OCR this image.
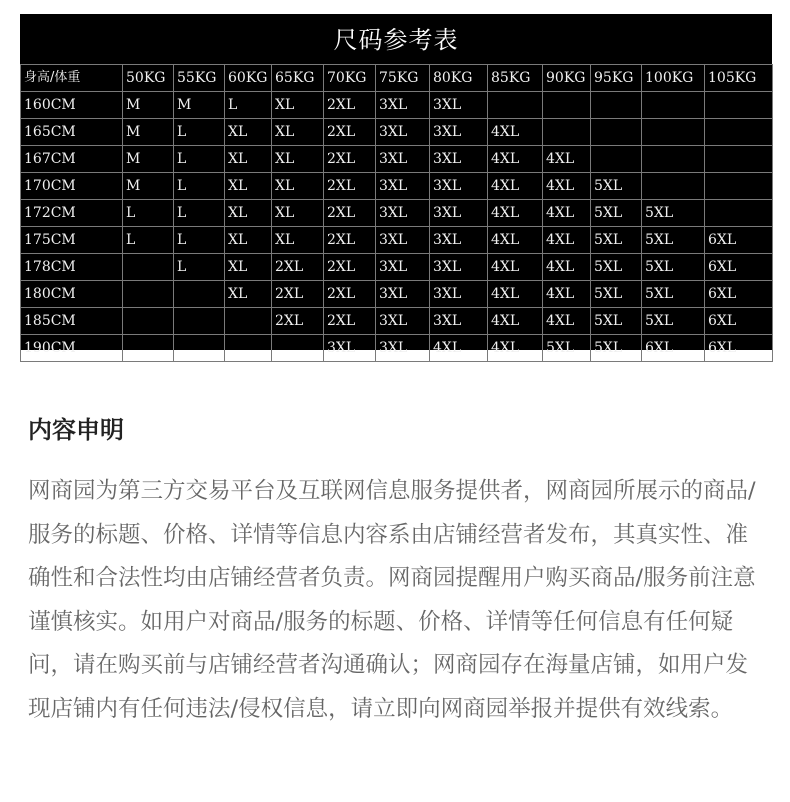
尺码参考表
身高/体重	50KG	55KG	60KG	65KG	70KG	75KG	80KG	85KG	90KG	95KG	100KG	105KG
160CM	M	M	L	XL	2XL	3XL	3XL					
165CM	M	L	XL	XL	2XL	3XL	3XL	4XL				
167CM	M	L	XL	XL	2XL	3XL	3XL	4XL	4XL			
170CM	M	L	XL	XL	2XL	3XL	3XL	4XL	4XL	5XL		
172CM	L	L	XL	XL	2XL	3XL	3XL	4XL	4XL	5XL	5XL	
175CM	L	L	XL	XL	2XL	3XL	3XL	4XL	4XL	5XL	5XL	6XL
178CM		L	XL	2XL	2XL	3XL	3XL	4XL	4XL	5XL	5XL	6XL
180CM			XL	2XL	2XL	3XL	3XL	4XL	4XL	5XL	5XL	6XL
185CM				2XL	2XL	3XL	3XL	4XL	4XL	5XL	5XL	6XL
190CM					3XL	3XL	4XL	4XL	5XL	5XL	6XL	6XL
内容申明

网商园为第三方交易平台及互联网信息服务提供者，网商园所展示的商品/服务的标题、价格、详情等信息内容系由店铺经营者发布，其真实性、准确性和合法性均由店铺经营者负责。网商园提醒用户购买商品/服务前注意谨慎核实。如用户对商品/服务的标题、价格、详情等任何信息有任何疑问，请在购买前与店铺经营者沟通确认；网商园存在海量店铺，如用户发现店铺内有任何违法/侵权信息，请立即向网商园举报并提供有效线索。
